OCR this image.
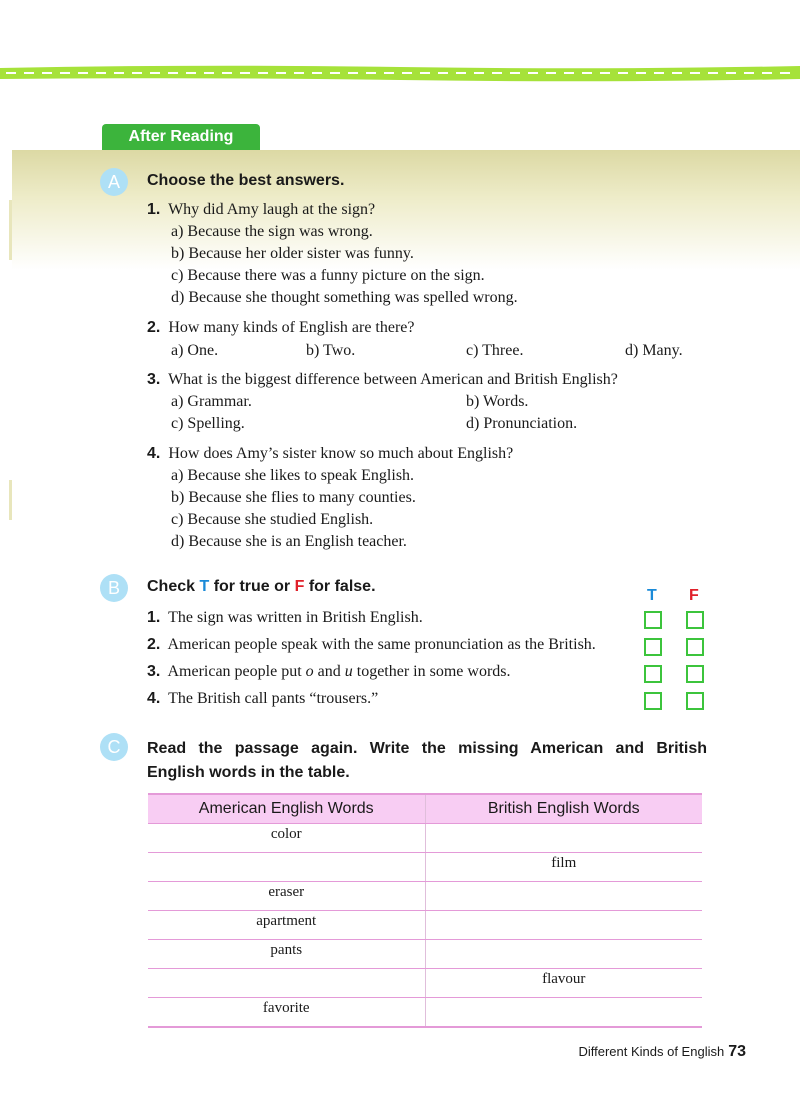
After Reading
A	Choose the best answers.
1. Why did Amy laugh at the sign?
a) Because the sign was wrong.
b) Because her older sister was funny.
c) Because there was a funny picture on the sign.
d) Because she thought something was spelled wrong.
2. How many kinds of English are there?
a) One.	b) Two.	c) Three.	d) Many.
3. What is the biggest difference between American and British English?
a) Grammar.	b) Words.
c) Spelling.	d) Pronunciation.
4. How does Amy’s sister know so much about English?
a) Because she likes to speak English.
b) Because she flies to many counties.
c) Because she studied English.
d) Because she is an English teacher.
B	Check T for true or F for false.
T F
1. The sign was written in British English.
2. American people speak with the same pronunciation as the British.
3. American people put o and u together in some words.
4. The British call pants “trousers.”
C	Read the passage again. Write the missing American and British
English words in the table.
American English Words	British English Words
color	
	film
eraser	
apartment	
pants	
	flavour
favorite	
Different Kinds of English 73
